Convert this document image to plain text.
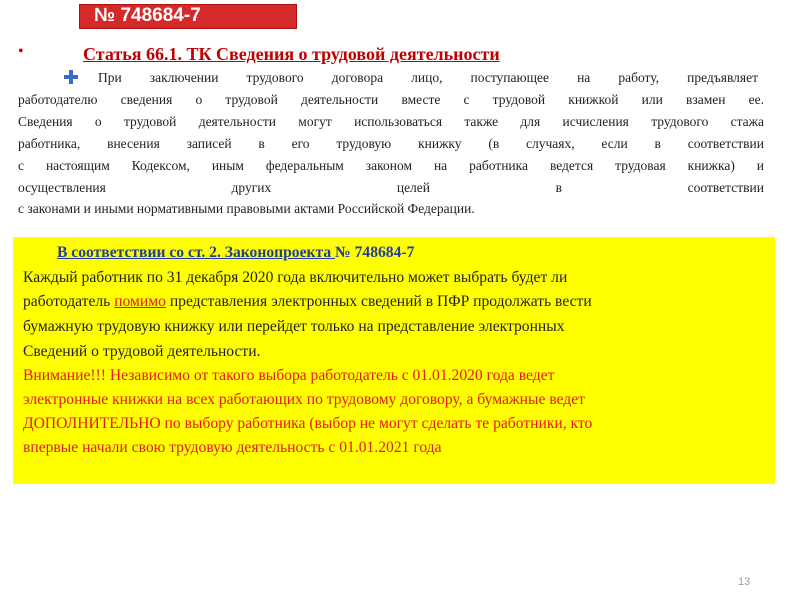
№ 748684-7
•	Статья 66.1. ТК Сведения о трудовой деятельности
При заключении трудового договора лицо, поступающее на работу, предъявляет
работодателю сведения о трудовой деятельности вместе с трудовой книжкой или взамен ее.
Сведения о трудовой деятельности могут использоваться также для исчисления трудового стажа
работника, внесения записей в его трудовую книжку (в случаях, если в соответствии
с настоящим Кодексом, иным федеральным законом на работника ведется трудовая книжка) и
осуществления	других	целей	в	соответствии
с законами и иными нормативными правовыми актами Российской Федерации.
В соответствии со ст. 2. Законопроекта № 748684-7
Каждый работник по 31 декабря 2020 года включительно может выбрать будет ли
работодатель помимо представления электронных сведений в ПФР продолжать вести
бумажную трудовую книжку или перейдет только на представление электронных
Сведений о трудовой деятельности.
Внимание!!! Независимо от такого выбора работодатель с 01.01.2020 года ведет
электронные книжки на всех работающих по трудовому договору, а бумажные ведет
ДОПОЛНИТЕЛЬНО по выбору работника (выбор не могут сделать те работники, кто
впервые начали свою трудовую деятельность с 01.01.2021 года
13
